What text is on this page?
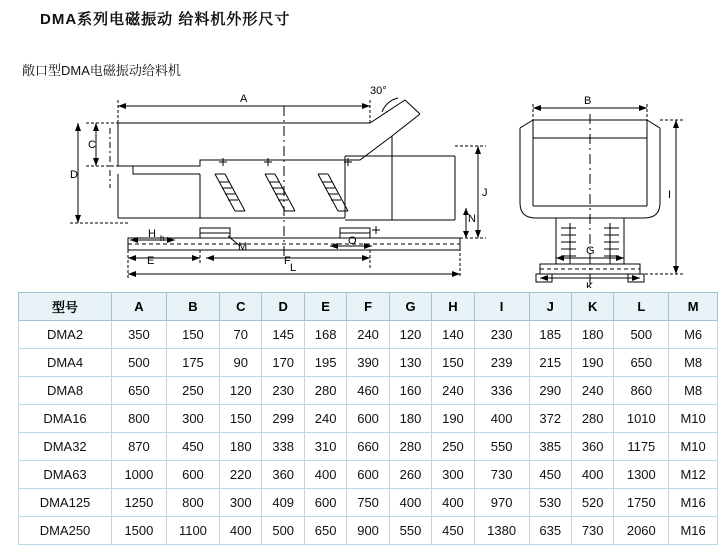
DMA系列电磁振动 给料机外形尺寸
敞口型DMA电磁振动给料机
A	B
C
D
E	F
G
H h
I
J
K
L
M
N
O
30°
型号	A	B	C	D	E	F	G	H	I	J	K	L	M
DMA2	350	150	70	145	168	240	120	140	230	185	180	500	M6
DMA4	500	175	90	170	195	390	130	150	239	215	190	650	M8
DMA8	650	250	120	230	280	460	160	240	336	290	240	860	M8
DMA16	800	300	150	299	240	600	180	190	400	372	280	1010	M10
DMA32	870	450	180	338	310	660	280	250	550	385	360	1175	M10
DMA63	1000	600	220	360	400	600	260	300	730	450	400	1300	M12
DMA125	1250	800	300	409	600	750	400	400	970	530	520	1750	M16
DMA250	1500	1100	400	500	650	900	550	450	1380	635	730	2060	M16
